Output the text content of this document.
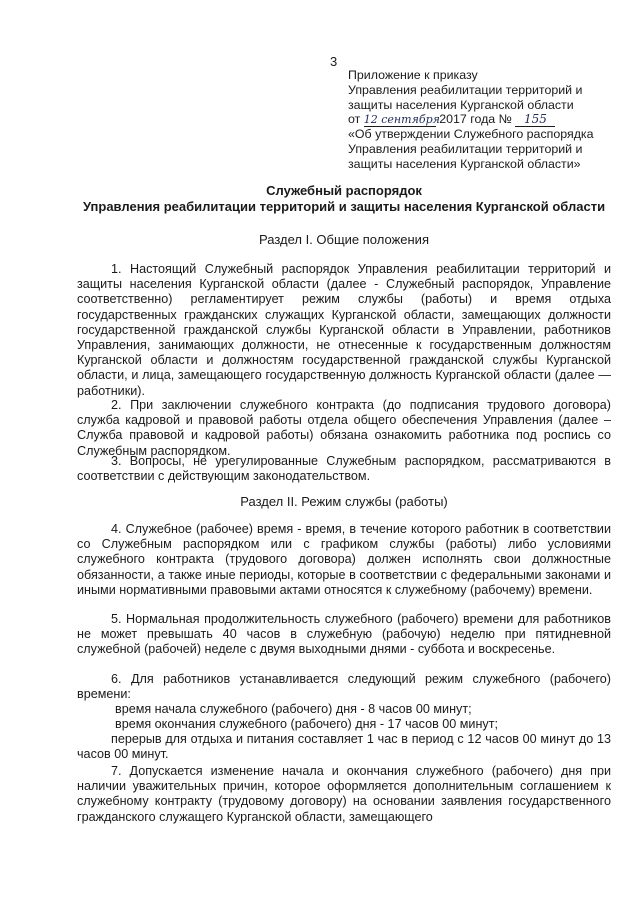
3
Приложение к приказу
Управления реабилитации территорий и
защиты населения Курганской области
от 12 сентября 2017 года № 155
«Об утверждении Служебного распорядка
Управления реабилитации территорий и
защиты населения Курганской области»
Служебный распорядок
Управления реабилитации территорий и защиты населения Курганской области
Раздел I. Общие положения
1. Настоящий Служебный распорядок Управления реабилитации территорий и защиты населения Курганской области (далее - Служебный распорядок, Управление соответственно) регламентирует режим службы (работы) и время отдыха государственных гражданских служащих Курганской области, замещающих должности государственной гражданской службы Курганской области в Управлении, работников Управления, занимающих должности, не отнесенные к государственным должностям Курганской области и должностям государственной гражданской службы Курганской области, и лица, замещающего государственную должность Курганской области (далее — работники).
2. При заключении служебного контракта (до подписания трудового договора) служба кадровой и правовой работы отдела общего обеспечения Управления (далее – Служба правовой и кадровой работы) обязана ознакомить работника под роспись со Служебным распорядком.
3. Вопросы, не урегулированные Служебным распорядком, рассматриваются в соответствии с действующим законодательством.
Раздел II. Режим службы (работы)
4. Служебное (рабочее) время - время, в течение которого работник в соответствии со Служебным распорядком или с графиком службы (работы) либо условиями служебного контракта (трудового договора) должен исполнять свои должностные обязанности, а также иные периоды, которые в соответствии с федеральными законами и иными нормативными правовыми актами относятся к служебному (рабочему) времени.
5. Нормальная продолжительность служебного (рабочего) времени для работников не может превышать 40 часов в служебную (рабочую) неделю при пятидневной служебной (рабочей) неделе с двумя выходными днями - суббота и воскресенье.
6. Для работников устанавливается следующий режим служебного (рабочего) времени:
время начала служебного (рабочего) дня - 8 часов 00 минут;
время окончания служебного (рабочего) дня - 17 часов 00 минут;
перерыв для отдыха и питания составляет 1 час в период с 12 часов 00 минут до 13 часов 00 минут.
7. Допускается изменение начала и окончания служебного (рабочего) дня при наличии уважительных причин, которое оформляется дополнительным соглашением к служебному контракту (трудовому договору) на основании заявления государственного гражданского служащего Курганской области, замещающего
